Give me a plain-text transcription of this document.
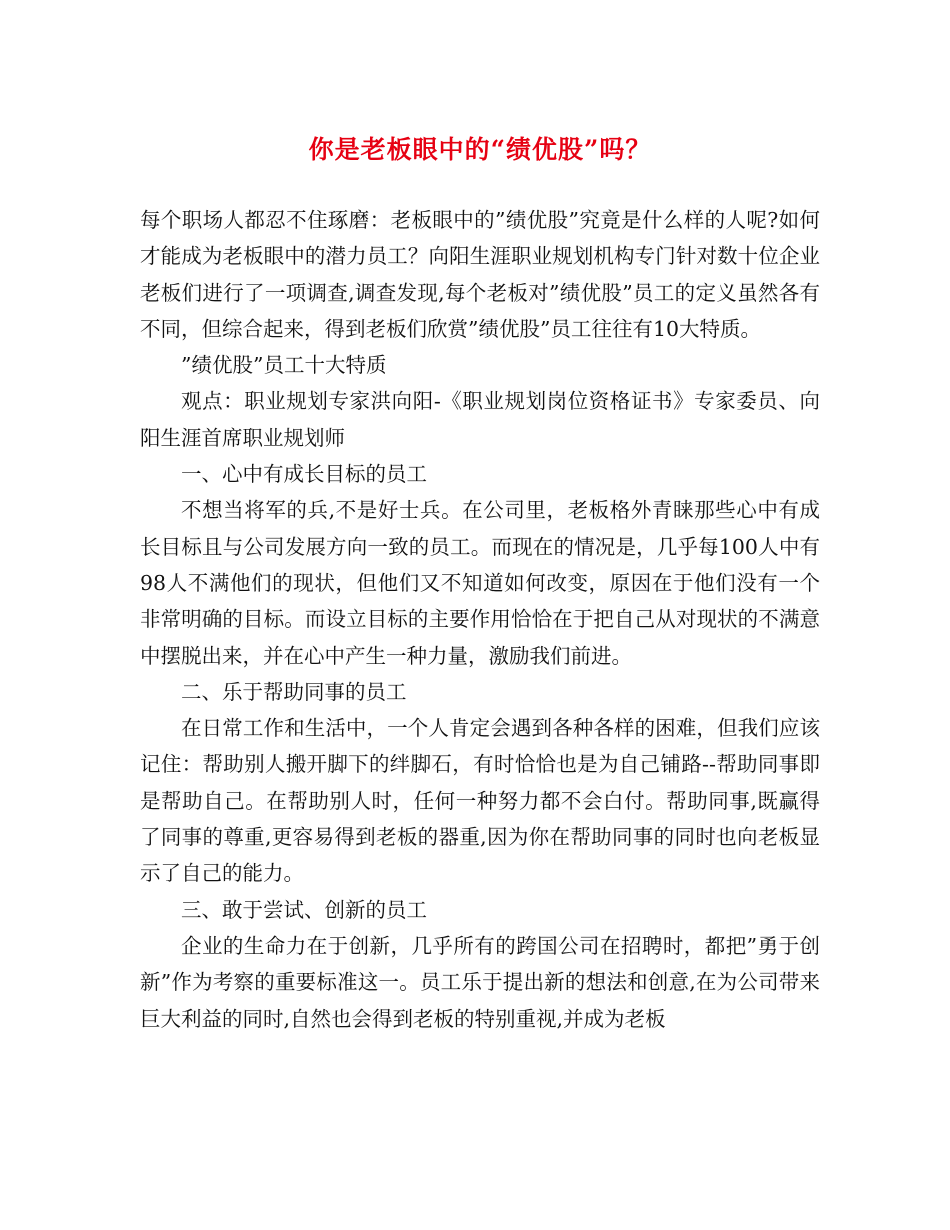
你是老板眼中的“绩优股”吗？

每个职场人都忍不住琢磨：老板眼中的”绩优股”究竟是什么样的人呢?如何才能成为老板眼中的潜力员工？向阳生涯职业规划机构专门针对数十位企业老板们进行了一项调查,调查发现,每个老板对”绩优股”员工的定义虽然各有不同，但综合起来，得到老板们欣赏”绩优股”员工往往有10大特质。

”绩优股”员工十大特质

观点：职业规划专家洪向阳-《职业规划岗位资格证书》专家委员、向阳生涯首席职业规划师

一、心中有成长目标的员工

不想当将军的兵,不是好士兵。在公司里，老板格外青睐那些心中有成长目标且与公司发展方向一致的员工。而现在的情况是，几乎每100人中有98人不满他们的现状，但他们又不知道如何改变，原因在于他们没有一个非常明确的目标。而设立目标的主要作用恰恰在于把自己从对现状的不满意中摆脱出来，并在心中产生一种力量，激励我们前进。

二、乐于帮助同事的员工

在日常工作和生活中，一个人肯定会遇到各种各样的困难，但我们应该记住：帮助别人搬开脚下的绊脚石，有时恰恰也是为自己铺路--帮助同事即是帮助自己。在帮助别人时，任何一种努力都不会白付。帮助同事,既赢得了同事的尊重,更容易得到老板的器重,因为你在帮助同事的同时也向老板显示了自己的能力。

三、敢于尝试、创新的员工

企业的生命力在于创新，几乎所有的跨国公司在招聘时，都把”勇于创新”作为考察的重要标准这一。员工乐于提出新的想法和创意,在为公司带来巨大利益的同时,自然也会得到老板的特别重视,并成为老板
